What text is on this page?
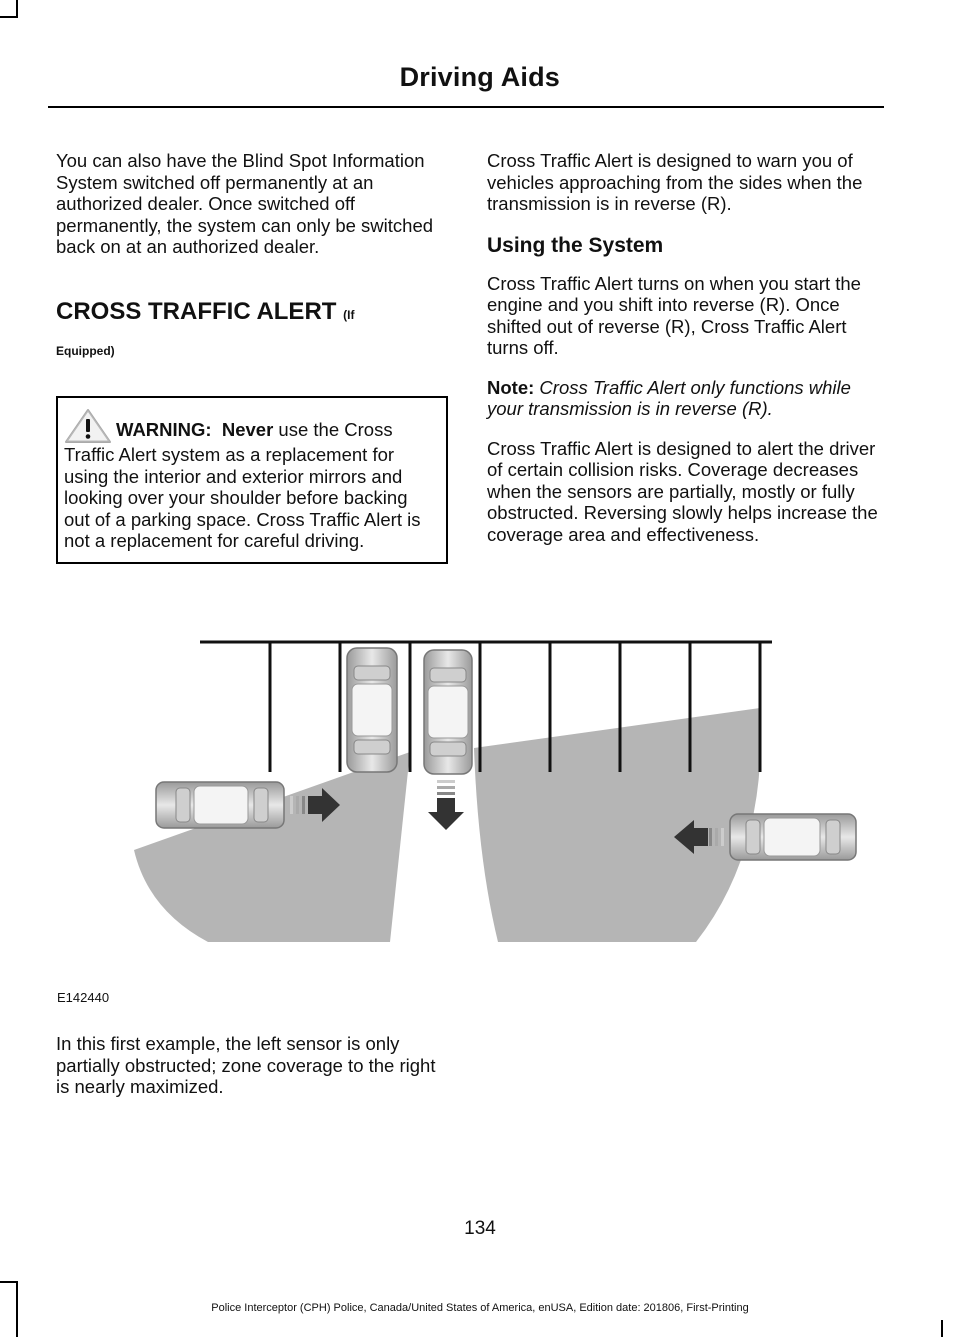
Driving Aids

You can also have the Blind Spot Information System switched off permanently at an authorized dealer. Once switched off permanently, the system can only be switched back on at an authorized dealer.

CROSS TRAFFIC ALERT (If
Equipped)
WARNING: Never use the Cross Traffic Alert system as a replacement for using the interior and exterior mirrors and looking over your shoulder before backing out of a parking space. Cross Traffic Alert is not a replacement for careful driving.

Cross Traffic Alert is designed to warn you of vehicles approaching from the sides when the transmission is in reverse (R).

Using the System

Cross Traffic Alert turns on when you start the engine and you shift into reverse (R). Once shifted out of reverse (R), Cross Traffic Alert turns off.

Note: Cross Traffic Alert only functions while your transmission is in reverse (R).

Cross Traffic Alert is designed to alert the driver of certain collision risks. Coverage decreases when the sensors are partially, mostly or fully obstructed. Reversing slowly helps increase the coverage area and effectiveness.

E142440
In this first example, the left sensor is only partially obstructed; zone coverage to the right is nearly maximized.
134
Police Interceptor (CPH) Police, Canada/United States of America, enUSA, Edition date: 201806, First-Printing
